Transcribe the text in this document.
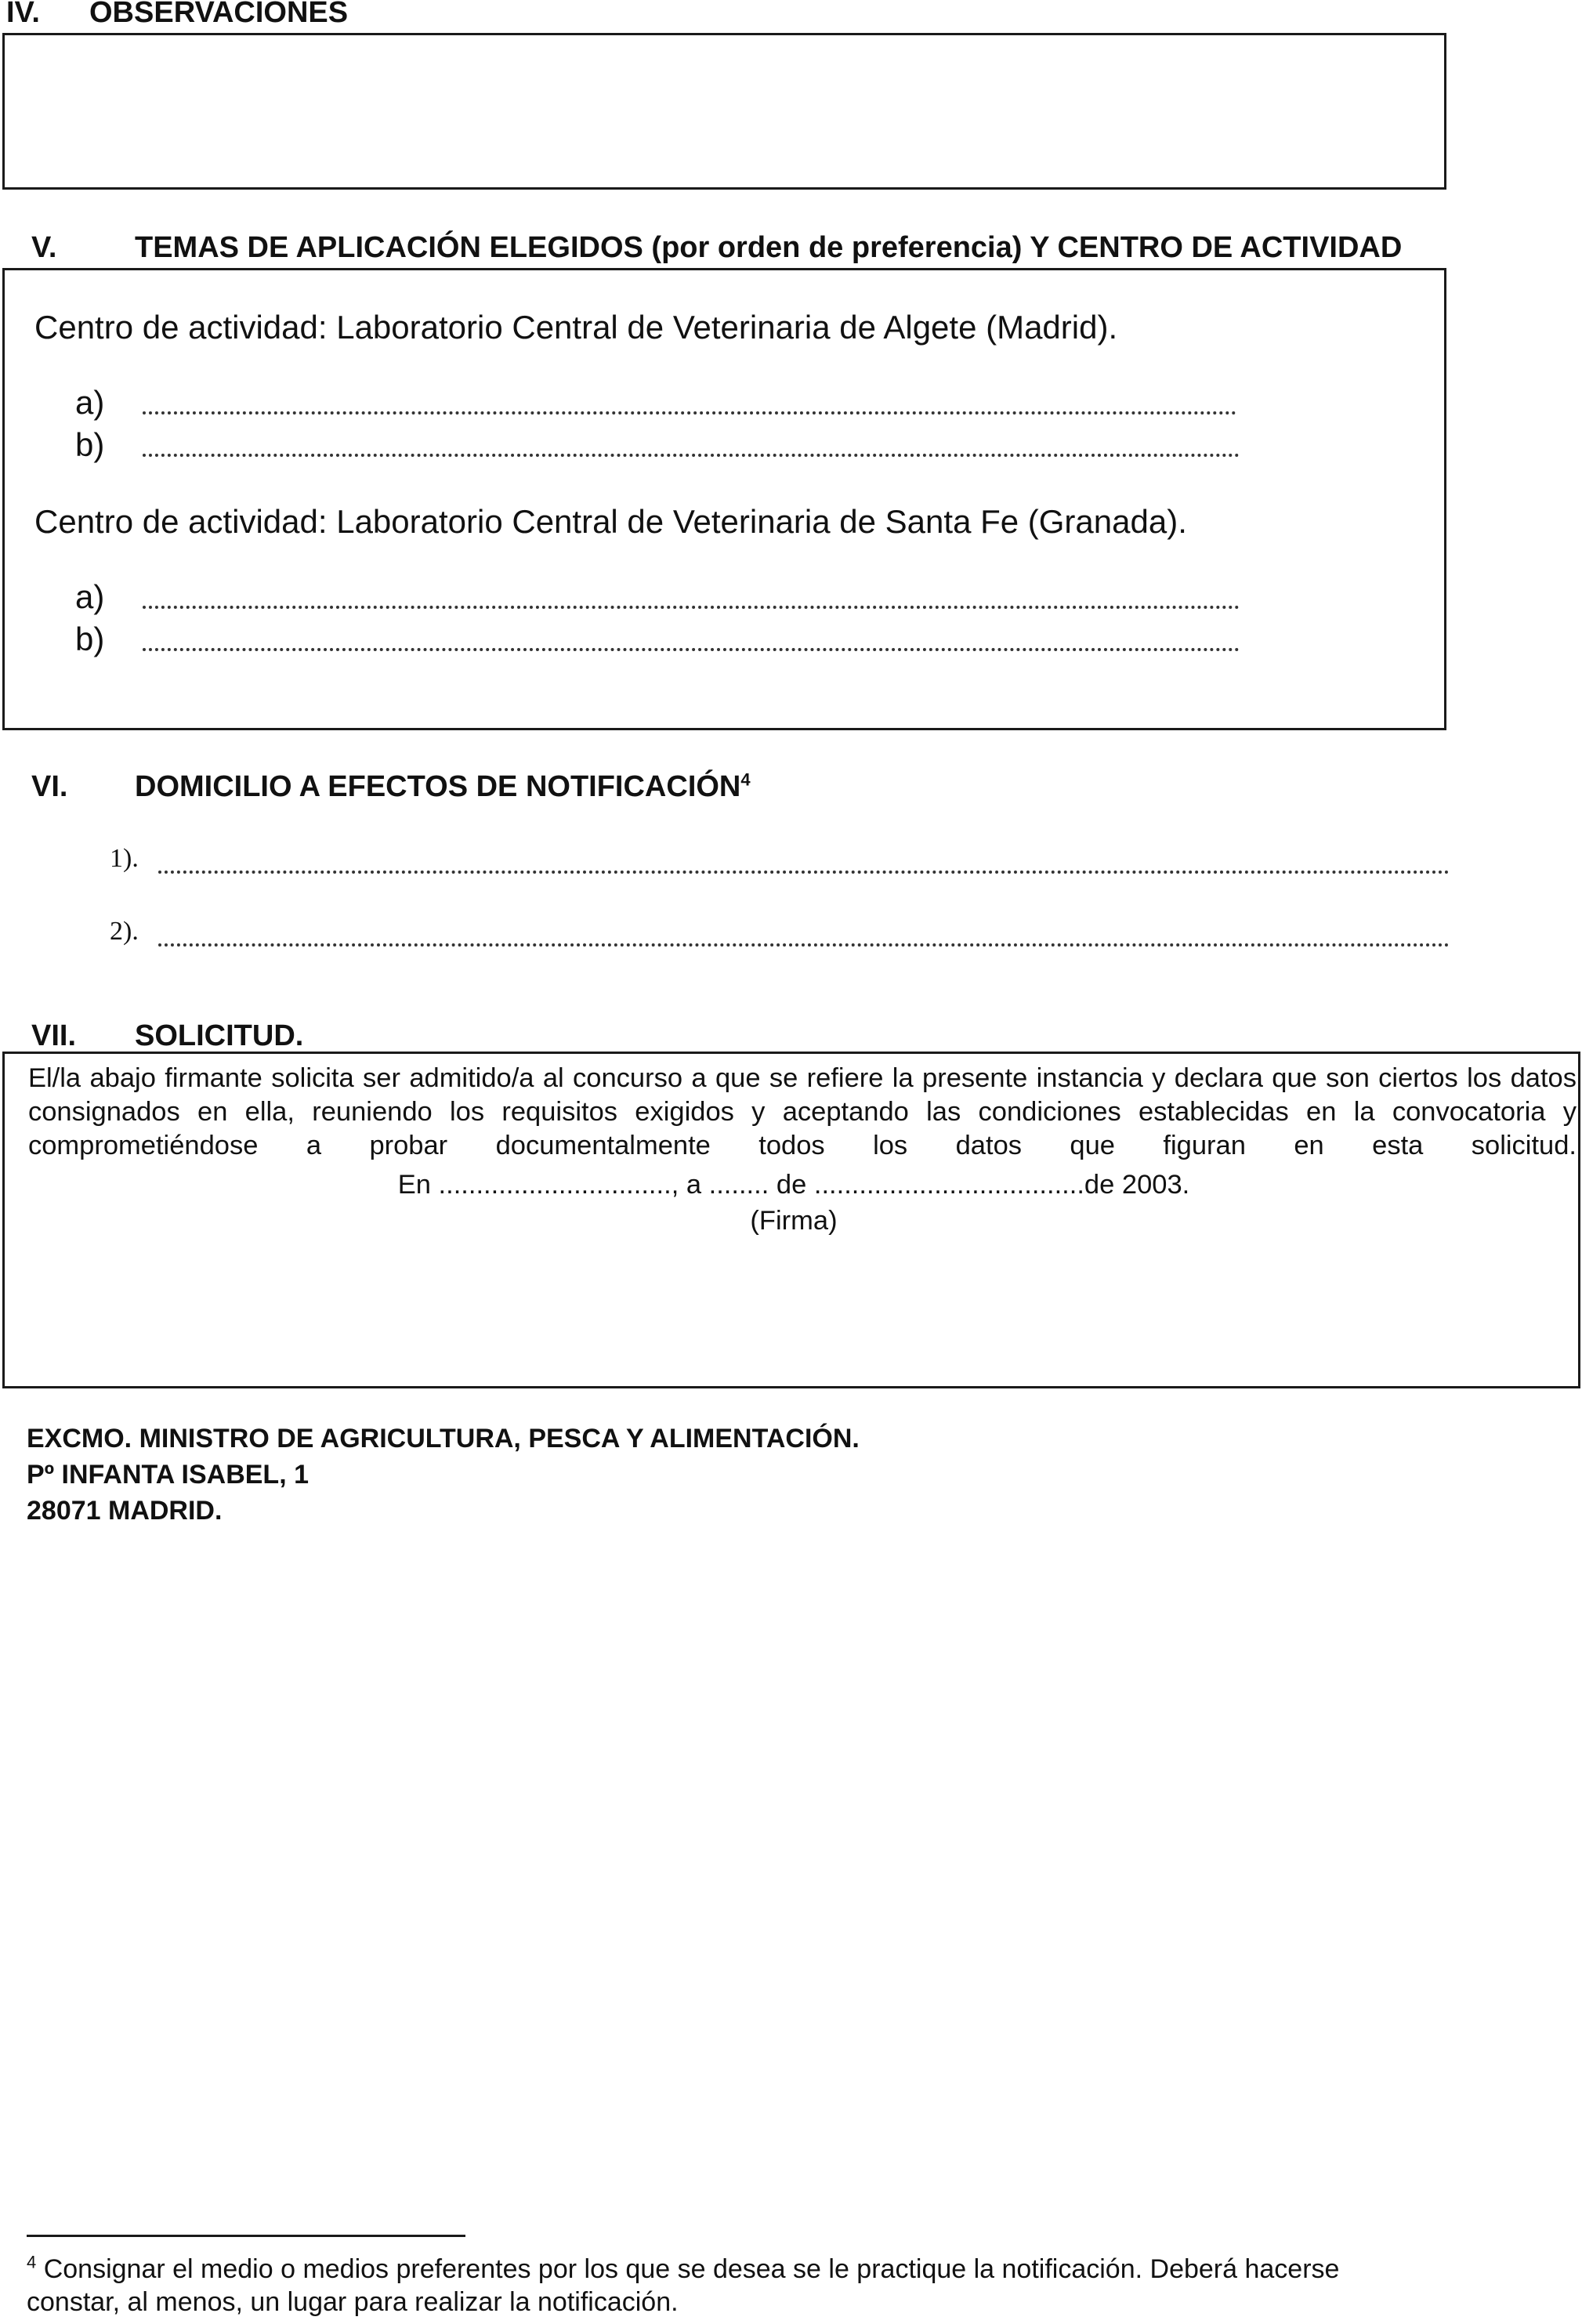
IV. OBSERVACIONES
V.	TEMAS DE APLICACIÓN ELEGIDOS (por orden de preferencia) Y CENTRO DE ACTIVIDAD
Centro de actividad: Laboratorio Central de Veterinaria de Algete (Madrid).
a)
b)
Centro de actividad: Laboratorio Central de Veterinaria de Santa Fe (Granada).
a)
b)
VI. DOMICILIO A EFECTOS DE NOTIFICACIÓN$^4$
1).
2).
VII. SOLICITUD.
El/la abajo firmante solicita ser admitido/a al concurso a que se refiere la presente instancia y declara que son ciertos los datos consignados en ella, reuniendo los requisitos exigidos y aceptando las condiciones establecidas en la convocatoria y comprometiéndose a probar documentalmente todos los datos que figuran en esta solicitud.
En ..............................., a ........ de ....................................de 2003.
(Firma)
EXCMO. MINISTRO DE AGRICULTURA, PESCA Y ALIMENTACIÓN.
Pº INFANTA ISABEL, 1
28071 MADRID.
$^4$ Consignar el medio o medios preferentes por los que se desea se le practique la notificación. Deberá hacerse
constar, al menos, un lugar para realizar la notificación.
